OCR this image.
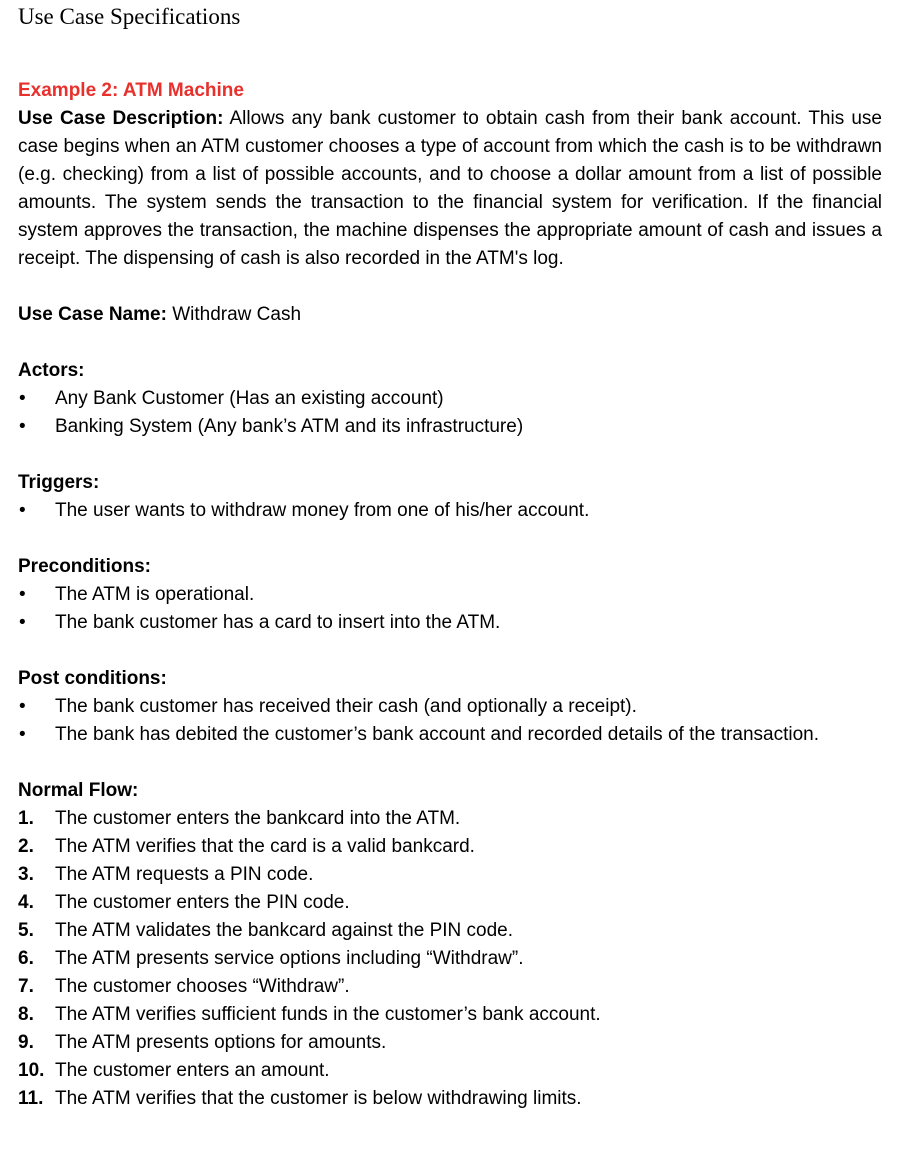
Use Case Specifications
Example 2: ATM Machine

Use Case Description: Allows any bank customer to obtain cash from their bank account. This use case begins when an ATM customer chooses a type of account from which the cash is to be withdrawn (e.g. checking) from a list of possible accounts, and to choose a dollar amount from a list of possible amounts. The system sends the transaction to the financial system for verification. If the financial system approves the transaction, the machine dispenses the appropriate amount of cash and issues a receipt. The dispensing of cash is also recorded in the ATM's log.

Use Case Name: Withdraw Cash

Actors:
•	Any Bank Customer (Has an existing account)
•	Banking System (Any bank’s ATM and its infrastructure)
Triggers:
•	The user wants to withdraw money from one of his/her account.
Preconditions:
•	The ATM is operational.
•	The bank customer has a card to insert into the ATM.
Post conditions:
•	The bank customer has received their cash (and optionally a receipt).
•	The bank has debited the customer’s bank account and recorded details of the transaction.
Normal Flow:
1. The customer enters the bankcard into the ATM.
2. The ATM verifies that the card is a valid bankcard.
3. The ATM requests a PIN code.
4. The customer enters the PIN code.
5. The ATM validates the bankcard against the PIN code.
6. The ATM presents service options including “Withdraw”.
7. The customer chooses “Withdraw”.
8. The ATM verifies sufficient funds in the customer’s bank account.
9. The ATM presents options for amounts.
10. The customer enters an amount.
11. The ATM verifies that the customer is below withdrawing limits.
